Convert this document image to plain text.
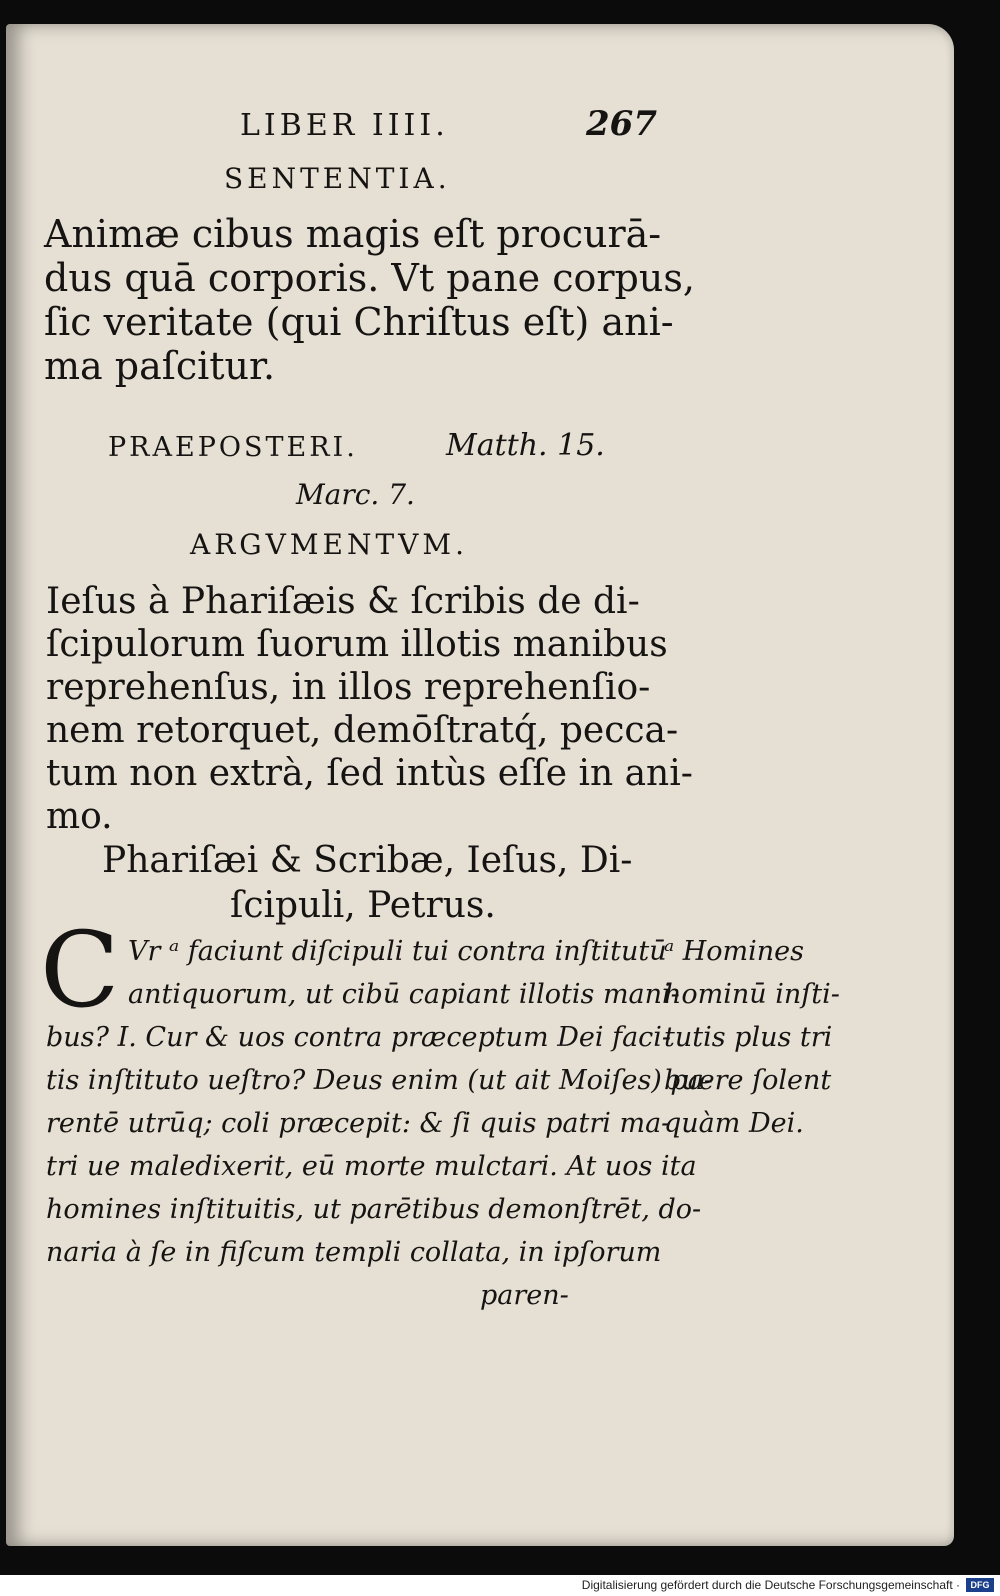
LIBER IIII.	267
SENTENTIA.
Animæ cibus magis eſt procurā-
dus quā corporis. Vt pane corpus,
ſic veritate (qui Chriſtus eſt) ani-
ma paſcitur.
PRAEPOSTERI.	Matth. 15.
Marc. 7.
ARGVMENTVM.
Ieſus à Phariſæis & ſcribis de di-
ſcipulorum ſuorum illotis manibus
reprehenſus, in illos reprehenſio-
nem retorquet, demōſtratq́, pecca-
tum non extrà, ſed intùs eſſe in ani-
mo.
Phariſæi & Scribæ, Ieſus, Di-
ſcipuli, Petrus.
C Vr ᵃ faciunt diſcipuli tui contra inſtitutū
antiquorum, ut cibū capiant illotis mani-
bus? I. Cur & uos contra præceptum Dei faci-
tis inſtituto ueſtro? Deus enim (ut ait Moiſes) pa-
rentē utrūq; coli præcepit: & ſi quis patri ma-
tri ue maledixerit, eū morte mulctari. At uos ita
homines inſtituitis, ut parētibus demonſtrēt, do-
naria à ſe in fiſcum templi collata, in ipſorum
paren-
ᵃ Homines
hominū inſti-
tutis plus tri
buere ſolent
quàm Dei.
Digitalisierung gefördert durch die Deutsche Forschungsgemeinschaft ·	DFG
